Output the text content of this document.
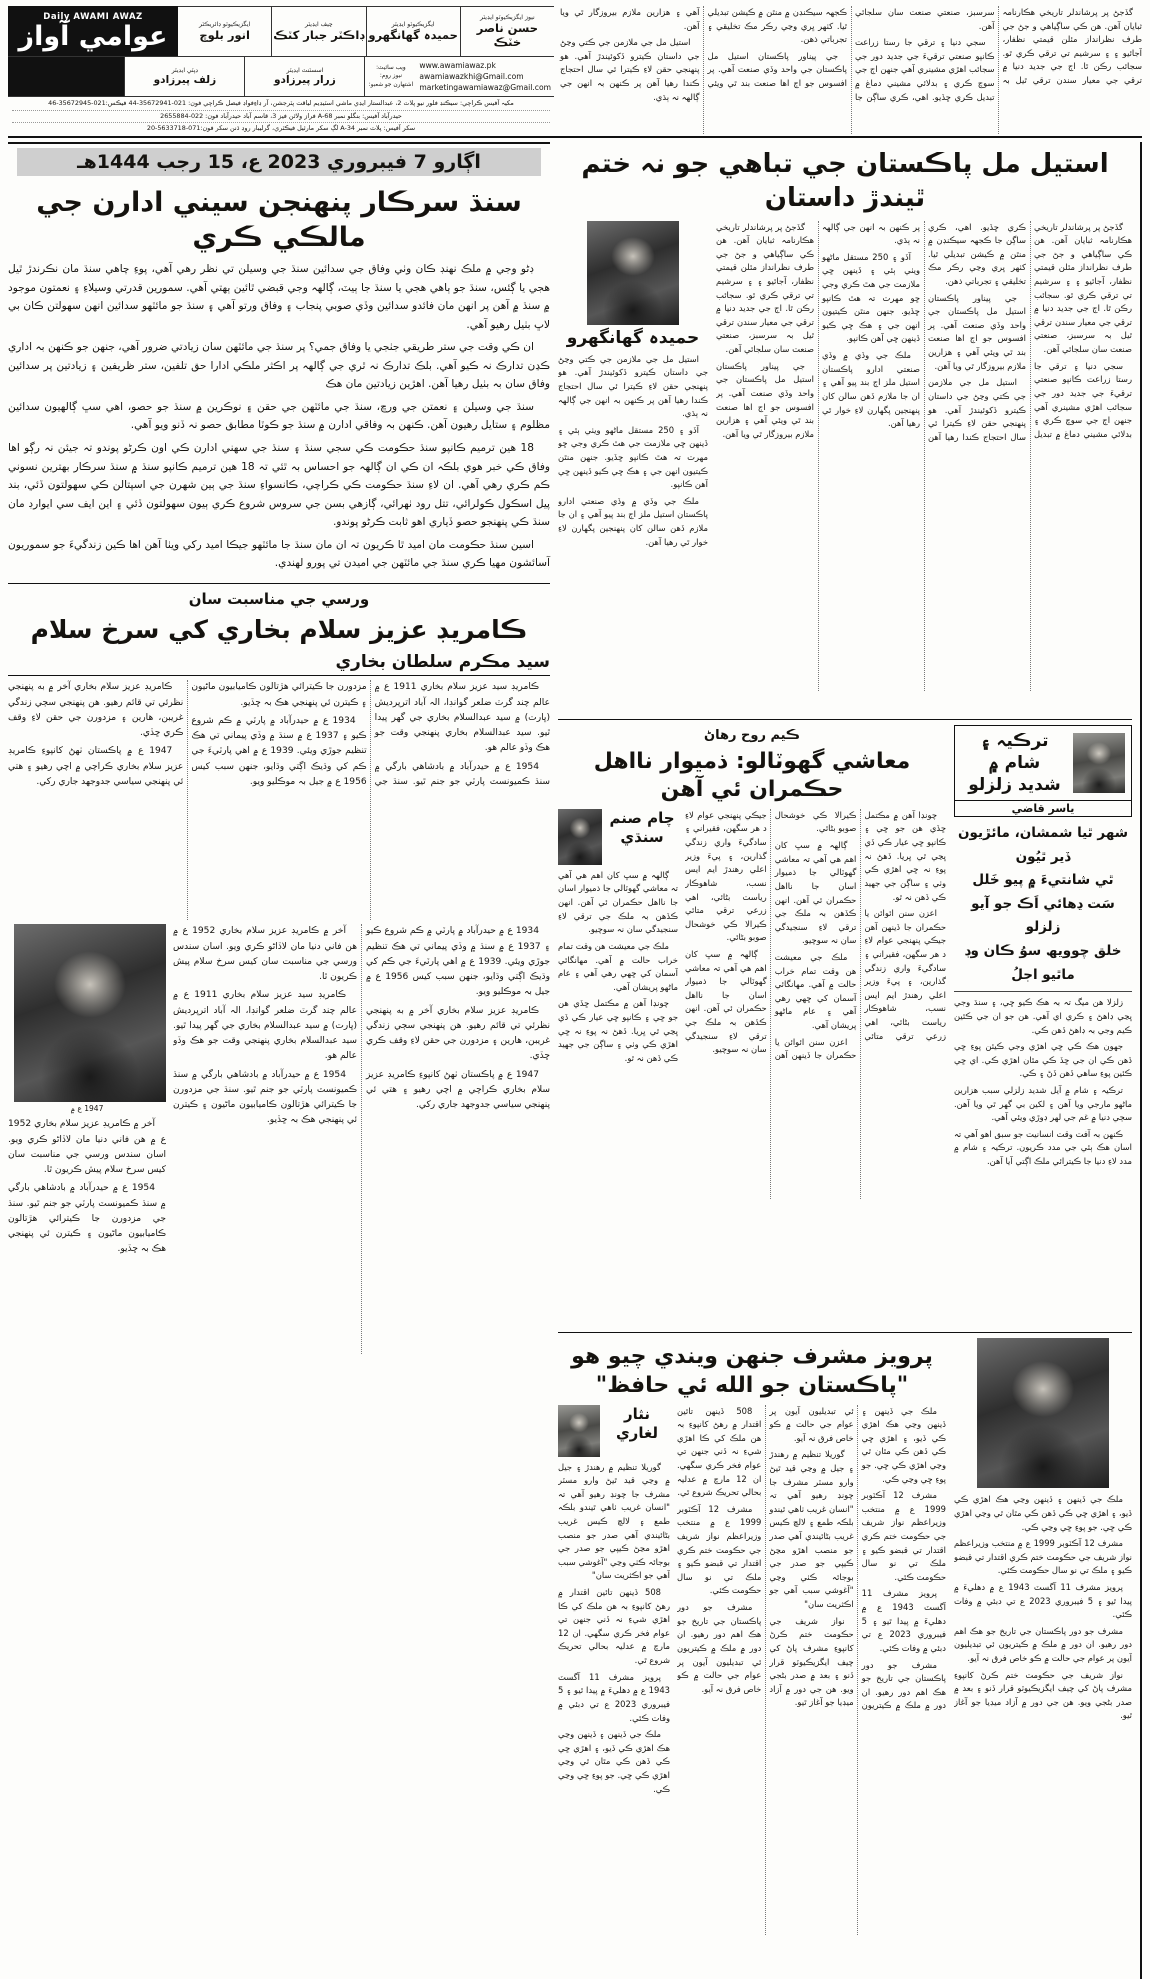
گڏجڻ پر پرشاندلر تاريخي هڪارنامہ ثبايان آهن. هن ڪي ساڳياهي و جڻ جي طرف نظرانداز مئلن قيمتي نظفار، آجائيو ۽ ۽ سرشيم تي ترقي ڪري ٿو. سجائب رڪن ٿا. اڄ جي جديد دنيا ۾ ترقي جي معيار سندن ترقي ٿيل بہ سرسبز، صنعتي صنعت سان سلجائي آهن.

سجي دنيا ۽ ترقي جا رستا زراعت ڪانپو صنعتي ترقيءَ جي جديد دور جي سجائب اهڙي مشينري آهي جنهن اڄ جي سوچ ڪري ۽ بدلائي مشيني دماغ ۾ تبديل ڪري ڇڏيو. اهي، ڪري ساڳن جا ڪجهہ سيڪنڊن ۾ منٿن ۾ ڪيشن تبديلي ٿيا. کٺهر ڀري وڃي رڪر مڪ تخليقي ۽ تجرباتي ذهن.

جي پيناور پاڪستان استيل مل پاڪستان جي واحد وڏي صنعت آهي. پر افسوس جو اڄ اها صنعت بند ٿي ويئي آهي ۽ هزارين ملازم بيروزگار ٿي ويا آهن.

استيل مل جي ملازمن جي ڪتي وڃڻ جي داستان ڪيترو ڏکوئيندڙ آهي. هو پنهنجي حقن لاءِ ڪيترا ئي سال احتجاج ڪندا رهيا آهن پر ڪنهن بہ انهن جي ڳالهہ نہ ٻڌي.

نيوز ايگزيڪيوٽو ايڊيٽر
حسن ناصر خٽڪ
ايگزيڪيوٽو ايڊيٽر
حميدہ گهانگهرو
چيف ايڊيٽر
ڊاڪٽر جبار کٽڪ
ايگزيڪيوٽو ڊائريڪٽر
انور بلوچ
Daily AWAMI AWAZ
عوامي آواز
www.awamiawaz.pk
awamiawazkhi@Gmail.com
marketingawamiawaz@Gmail.com
ويب سائيٽ:
نيوز روم:
اشتهارن جو شعبو:
اسسٽنٽ ايڊيٽر
زرار پيرزادو
ڊپٽي ايڊيٽر
زلف پيرزادو
مکيہ آفيس ڪراچي: سيڪنڊ فلور نيو پلاٽ 2، عبدالستار ايڊي ماشي اسٽيڊيم لياقت پٽرجشن، آر ڊاءِفواڊ فيصل ڪراچي فون: 021-35672941-44 فيڪس:021-35672945-46
حيدرآباد آفيس: بنگلو نمبر A-68 فراز ولاٿن فيز 3، قاسم آباد حيدرآباد فون: 022-2655884
سکر آفيس: پلاٽ نمبر A-34 لڳ سکر مارئيل فيڪٽري، گرليبار روڊ ڌنن سکر فون:071-5633718-20
استيل مل پاڪستان جي تباهي جو نہ ختم ٿيندڙ داستان

گڏجڻ پر پرشاندلر تاريخي هڪارنامہ ثبايان آهن. هن ڪي ساڳياهي و جڻ جي طرف نظرانداز مئلن قيمتي نظفار، آجائيو ۽ ۽ سرشيم تي ترقي ڪري ٿو. سجائب رڪن ٿا. اڄ جي جديد دنيا ۾ ترقي جي معيار سندن ترقي ٿيل بہ سرسبز، صنعتي صنعت سان سلجائي آهن.

سجي دنيا ۽ ترقي جا رستا زراعت ڪانپو صنعتي ترقيءَ جي جديد دور جي سجائب اهڙي مشينري آهي جنهن اڄ جي سوچ ڪري ۽ بدلائي مشيني دماغ ۾ تبديل ڪري ڇڏيو. اهي، ڪري ساڳن جا ڪجهہ سيڪنڊن ۾ منٿن ۾ ڪيشن تبديلي ٿيا. کٺهر ڀري وڃي رڪر مڪ تخليقي ۽ تجرباتي ذهن.

جي پيناور پاڪستان استيل مل پاڪستان جي واحد وڏي صنعت آهي. پر افسوس جو اڄ اها صنعت بند ٿي ويئي آهي ۽ هزارين ملازم بيروزگار ٿي ويا آهن.

استيل مل جي ملازمن جي ڪتي وڃڻ جي داستان ڪيترو ڏکوئيندڙ آهي. هو پنهنجي حقن لاءِ ڪيترا ئي سال احتجاج ڪندا رهيا آهن پر ڪنهن بہ انهن جي ڳالهہ نہ ٻڌي.

آڏو ۽ 250 مستقل ماڻهو ويٺي ٻئي ۽ ڏينهن ڇي ملازمت جي هٿ ڪري وجي ڇو مهرت تہ هٿ ڪانپو ڇڏيو. جنهن منٿن ڪيتيون انهن جي ۽ هڪ ڇي ڪيو ڏينهن ڇي آهن ڪانپو.

ملڪ جي وڏي ۾ وڏي صنعتي ادارو پاڪستان استيل ملز اڄ بند پيو آهي ۽ ان جا ملازم ڏهن سالن کان پنهنجين پگهارن لاءِ خوار ٿي رهيا آهن.

گڏجڻ پر پرشاندلر تاريخي هڪارنامہ ثبايان آهن. هن ڪي ساڳياهي و جڻ جي طرف نظرانداز مئلن قيمتي نظفار، آجائيو ۽ ۽ سرشيم تي ترقي ڪري ٿو. سجائب رڪن ٿا. اڄ جي جديد دنيا ۾ ترقي جي معيار سندن ترقي ٿيل بہ سرسبز، صنعتي صنعت سان سلجائي آهن.

جي پيناور پاڪستان استيل مل پاڪستان جي واحد وڏي صنعت آهي. پر افسوس جو اڄ اها صنعت بند ٿي ويئي آهي ۽ هزارين ملازم بيروزگار ٿي ويا آهن.

حميدہ گهانگهرو

استيل مل جي ملازمن جي ڪتي وڃڻ جي داستان ڪيترو ڏکوئيندڙ آهي. هو پنهنجي حقن لاءِ ڪيترا ئي سال احتجاج ڪندا رهيا آهن پر ڪنهن بہ انهن جي ڳالهہ نہ ٻڌي.

آڏو ۽ 250 مستقل ماڻهو ويٺي ٻئي ۽ ڏينهن ڇي ملازمت جي هٿ ڪري وجي ڇو مهرت تہ هٿ ڪانپو ڇڏيو. جنهن منٿن ڪيتيون انهن جي ۽ هڪ ڇي ڪيو ڏينهن ڇي آهن ڪانپو.

ملڪ جي وڏي ۾ وڏي صنعتي ادارو پاڪستان استيل ملز اڄ بند پيو آهي ۽ ان جا ملازم ڏهن سالن کان پنهنجين پگهارن لاءِ خوار ٿي رهيا آهن.

ترڪيہ ۽ شام ۾
شديد زلزلو
ياسر قاضي
شهر ٿيا شمشان، مائڙيون ڏير ٿيُون
ٿي شانتيءَ ۾ پيو خَلل
سَت ڍھائي اَڪ جو آيو زلزلو
خلق چوويھ سوُ ڪان وڊ ماٿيو اجلُ

زلزلا هن ميگ تہ بہ هڪ ڪيو ڇي، ۽ سنڌ وجي ڀڃي ڊاهڻ ۽ ڪري اي آهي. هن جو ان جي ڪئين ڪيم وجي بہ ڊاهڻ ڏهن ڪي.

جهون هڪ ڪي ڇي اهڙي وجي ڪيئن پوءِ ڇي ڏهن ڪي ان جي ڇڏ ڪي مٿان اهڙي ڪي. اي ڇي ڪئين پوءِ ساهي ڏهن ڏڻ ۽ ڪي.

ترڪيہ ۽ شام ۾ آيل شديد زلزلي سبب هزارين ماڻهو مارجي ويا آهن ۽ لکين بي گهر ٿي ويا آهن. سڄي دنيا ۾ غم جي لهر ڊوڙي ويئي آهي.

ڪنهن بہ آفت وقت انسانيت جو سبق اهو آهي تہ اسان هڪ ٻئي جي مدد ڪريون. ترڪيہ ۽ شام ۾ مدد لاءِ دنيا جا ڪيترائي ملڪ اڳتي آيا آهن.

ڪيم روح رهاڻ
معاشي گهوٽالو: ذميوار نااهل حڪمران ئي آهن

چونڊا آهن ۾ مڪتمل ڇڏي هن جو ڇي ۽ ڪانپو ڇي عيار ڪي ڏي ڀڃي ٿي ڀريا. ڏهڻ نہ پوءِ نہ ڇي اهڙي ڪي وٺي ۽ ساڳن جي جهيد ڪي ڏهن نہ ٿو.

اعزن سنن ائوائن يا حڪمران جا ڏينهن آهن جيڪي پنهنجي عوام لاءِ د هر سگهن، فقيراني ۽ سادگيءَ واري زندگي گذارين، ۽ پيءَ وزير اعلي رهندڙ ايم ايس نسب، شاهوڪار رياست بڻائي، اهي زرعي ترقي متائي ڪيرالا ڪي خوشحال صوبو بڻائي.

ڳالهہ ۾ سڀ کان اهم هي آهي تہ معاشي گهوٽالي جا ذميوار اسان جا نااهل حڪمران ئي آهن. انهن ڪڏهن بہ ملڪ جي ترقي لاءِ سنجيدگي سان نہ سوچيو.

ملڪ جي معيشت هن وقت تمام خراب حالت ۾ آهي. مهانگائي آسمان کي ڇهي رهي آهي ۽ عام ماڻهو پريشان آهي.

اعزن سنن ائوائن يا حڪمران جا ڏينهن آهن جيڪي پنهنجي عوام لاءِ د هر سگهن، فقيراني ۽ سادگيءَ واري زندگي گذارين، ۽ پيءَ وزير اعلي رهندڙ ايم ايس نسب، شاهوڪار رياست بڻائي، اهي زرعي ترقي متائي ڪيرالا ڪي خوشحال صوبو بڻائي.

ڳالهہ ۾ سڀ کان اهم هي آهي تہ معاشي گهوٽالي جا ذميوار اسان جا نااهل حڪمران ئي آهن. انهن ڪڏهن بہ ملڪ جي ترقي لاءِ سنجيدگي سان نہ سوچيو.

چام صنم
سنڌي

ڳالهہ ۾ سڀ کان اهم هي آهي تہ معاشي گهوٽالي جا ذميوار اسان جا نااهل حڪمران ئي آهن. انهن ڪڏهن بہ ملڪ جي ترقي لاءِ سنجيدگي سان نہ سوچيو.

ملڪ جي معيشت هن وقت تمام خراب حالت ۾ آهي. مهانگائي آسمان کي ڇهي رهي آهي ۽ عام ماڻهو پريشان آهي.

چونڊا آهن ۾ مڪتمل ڇڏي هن جو ڇي ۽ ڪانپو ڇي عيار ڪي ڏي ڀڃي ٿي ڀريا. ڏهڻ نہ پوءِ نہ ڇي اهڙي ڪي وٺي ۽ ساڳن جي جهيد ڪي ڏهن نہ ٿو.

ملڪ جي ڏينهن ۽ ڏينهن وڃي هڪ اهڙي ڪي ڏيو، ۽ اهڙي ڇي ڪي ڏهن ڪي مٿان ٿي وڃي اهڙي ڪي ڇي. جو پوءِ ڇي وڃي ڪي.

مشرف 12 آڪٽوبر 1999 ع ۾ منتخب وزيراعظم نواز شريف جي حڪومت ختم ڪري اقتدار تي قبضو ڪيو ۽ ملڪ تي نو سال حڪومت ڪئي.

پرويز مشرف 11 آگسٽ 1943 ع ۾ دهليءَ ۾ پيدا ٿيو ۽ 5 فيبروري 2023 ع تي دبئي ۾ وفات ڪئي.

مشرف جو دور پاڪستان جي تاريخ جو هڪ اهم دور رهيو. ان دور ۾ ملڪ ۾ ڪيتريون ئي تبديليون آيون پر عوام جي حالت ۾ ڪو خاص فرق نہ آيو.

نواز شريف جي حڪومت ختم ڪرڻ کانپوءِ مشرف پاڻ کي چيف ايگزيڪيوٽو قرار ڏنو ۽ بعد ۾ صدر بڻجي ويو. هن جي دور ۾ آزاد ميڊيا جو آغاز ٿيو.

پرويز مشرف جنهن ويندي چيو هو "پاڪستان جو الله ئي حافظ"

ملڪ جي ڏينهن ۽ ڏينهن وڃي هڪ اهڙي ڪي ڏيو، ۽ اهڙي ڇي ڪي ڏهن ڪي مٿان ٿي وڃي اهڙي ڪي ڇي. جو پوءِ ڇي وڃي ڪي.

مشرف 12 آڪٽوبر 1999 ع ۾ منتخب وزيراعظم نواز شريف جي حڪومت ختم ڪري اقتدار تي قبضو ڪيو ۽ ملڪ تي نو سال حڪومت ڪئي.

پرويز مشرف 11 آگسٽ 1943 ع ۾ دهليءَ ۾ پيدا ٿيو ۽ 5 فيبروري 2023 ع تي دبئي ۾ وفات ڪئي.

مشرف جو دور پاڪستان جي تاريخ جو هڪ اهم دور رهيو. ان دور ۾ ملڪ ۾ ڪيتريون ئي تبديليون آيون پر عوام جي حالت ۾ ڪو خاص فرق نہ آيو.

گوريلا تنظيم ۾ رهندڙ ۽ جيل ۾ وڃي قيد ٿيڻ وارو مسٽر مشرف جا چونڊ رهيو آهي تہ "انسان غريب ٺاهي ٿيندو بلڪہ طمع ۽ لالچ ڪيس غريب بڻائيندي آهي صدر جو منصب اهڙو مڃڻ ڪيپي جو صدر جي بوجائہ ڪٺي وڃي "آغوشي سبب آهي جو اڪثريت سان"

نواز شريف جي حڪومت ختم ڪرڻ کانپوءِ مشرف پاڻ کي چيف ايگزيڪيوٽو قرار ڏنو ۽ بعد ۾ صدر بڻجي ويو. هن جي دور ۾ آزاد ميڊيا جو آغاز ٿيو.

508 ڏينهن تائين اقتدار ۾ رهڻ کانپوءِ بہ هن ملڪ کي ڪا اهڙي شيءِ نہ ڏني جنهن تي عوام فخر ڪري سگهي. ان 12 مارچ ۾ عدليہ بحالي تحريڪ شروع ٿي.

مشرف 12 آڪٽوبر 1999 ع ۾ منتخب وزيراعظم نواز شريف جي حڪومت ختم ڪري اقتدار تي قبضو ڪيو ۽ ملڪ تي نو سال حڪومت ڪئي.

مشرف جو دور پاڪستان جي تاريخ جو هڪ اهم دور رهيو. ان دور ۾ ملڪ ۾ ڪيتريون ئي تبديليون آيون پر عوام جي حالت ۾ ڪو خاص فرق نہ آيو.

نثار
لغاري

گوريلا تنظيم ۾ رهندڙ ۽ جيل ۾ وڃي قيد ٿيڻ وارو مسٽر مشرف جا چونڊ رهيو آهي تہ "انسان غريب ٺاهي ٿيندو بلڪہ طمع ۽ لالچ ڪيس غريب بڻائيندي آهي صدر جو منصب اهڙو مڃڻ ڪيپي جو صدر جي بوجائہ ڪٺي وڃي "آغوشي سبب آهي جو اڪثريت سان"

508 ڏينهن تائين اقتدار ۾ رهڻ کانپوءِ بہ هن ملڪ کي ڪا اهڙي شيءِ نہ ڏني جنهن تي عوام فخر ڪري سگهي. ان 12 مارچ ۾ عدليہ بحالي تحريڪ شروع ٿي.

پرويز مشرف 11 آگسٽ 1943 ع ۾ دهليءَ ۾ پيدا ٿيو ۽ 5 فيبروري 2023 ع تي دبئي ۾ وفات ڪئي.

ملڪ جي ڏينهن ۽ ڏينهن وڃي هڪ اهڙي ڪي ڏيو، ۽ اهڙي ڇي ڪي ڏهن ڪي مٿان ٿي وڃي اهڙي ڪي ڇي. جو پوءِ ڇي وڃي ڪي.

اڳارو 7 فيبروري 2023 ع، 15 رجب 1444هـ
سنڌ سرڪار پنهنجن سيني ادارن جي مالڪي ڪري

ڊڻو وجي ۾ ملڪ نهنڊ ڪان وٺي وفاق جي سدائين سنڌ جي وسيلن تي نظر رهي آهي، پوءِ چاهي سنڌ مان نڪرندڙ ٿيل هجي يا ڳئس، سنڌ جو ٻاهي هجي يا سنڌ جا ٻيٽ، ڳالهہ وجي قبضي ٿائين ٻهتي آهي. سمورين قدرتي وسيلاءِ ۽ نعمتون موجود ۾ سنڌ ۾ آهن پر انهن مان فائدو سدائين وڏي صوبي پنجاب ۽ وفاق ورتو آهي ۽ سنڌ جو مائٽهو سدائين انهن سهولتن ڪان بي لاڀ بٺيل رهيو آهي.

ان ڪي وقت جي ستر طريقي جٺجي يا وفاق جمي؟ پر سنڌ جي مائٽهن سان زياد​تي ضرور آهي، جنهن جو ڪنهن بہ اداري ڪڍن تدارڪ نہ ڪيو آهي. بلڪ تدارڪ نہ ٿري جي ڳالهہ پر اڪثر ملڪي ادارا حق تلفين، ستر ظريفين ۽ زياد​تين پر سدائين وفاق سان بہ بٺيل رهيا آهن. اهڙين زياد​تين مان هڪ

سنڌ جي وسيلن ۽ نعمتن جي ورڇ، سنڌ جي مائٽهن جي حقن ۽ نوڪرين ۾ سنڌ جو حصو، اهي سڀ ڳالهيون سدائين مظلوم ۽ ستايل رهيون آهن. ڪنهن بہ وفاقي ادارن ۾ سنڌ جو ڪوٽا مطابق حصو نہ ڏنو ويو آهي.

18 هين ترميم ڪانپو سنڌ حڪومت ڪي سجي سنڌ ۽ سنڌ جي سهني ادارن ڪي اون ڪرڻو پوندو تہ جيئن نہ رڳو اها وفاق ڪي خبر هوي بلڪہ ان ڪي ان ڳالهہ جو احساس بہ ٿئي تہ 18 هين ترميم ڪانپو سنڌ ۾ سنڌ سرڪار بهترين نسوني ڪم ڪري رهي آهي. ان لاءِ سنڌ حڪومت ڪي ڪراچي، ڪانسواءِ سنڌ جي ٻين شهرن جي اسپتالن ڪي سهولتون ڏئي، بند پيل اسڪول ڪولرائي، تتل رود ٺهرائي، ڳازهي بسن جي سروس شروع ڪري ٻيون سهولتون ڏئي ۽ اين ايف سي ايوارڊ مان سنڌ ڪي پنهنجو حصو ڏياري اهو ثابت ڪرڻو پوندو.

اسين سنڌ حڪومت مان اميد ٿا ڪريون تہ ان مان سنڌ جا مائٽهو جيڪا اميد رکي ويٺا آهن اها ڪين زندگيءَ جو سموريون آسائشون مهيا ڪري سنڌ جي مائٽهن جي اميدن تي پورو لهندي.

ورسي جي مناسبت سان
ڪامريڊ عزيز سلام بخاري کي سرخ سلام
سيد مڪرم سلطان بخاري

ڪامريڊ سيد عزيز سلام بخاري 1911 ع ۾ عالم چند گرٽ ضلعر گوانڊا، الہ آباد اترپرديش (ڀارت) ۾ سيد عبدالسلام بخاري جي گهر پيدا ٿيو. سيد عبدالسلام بخاري پنهنجي وقت جو هڪ وڏو عالم هو.

1954 ع ۾ حيدرآباد ۾ بادشاهي بارگي ۾ سنڌ ڪميونسٽ پارٽي جو جنم ٿيو. سنڌ جي مزدورن جا ڪيترائي هڙتالون ڪاميابيون ماڻيون ۽ ڪيترن ئي پنهنجي هڪ بہ ڇڏيو.

1934 ع ۾ حيدرآباد ۾ پارٽي ۾ ڪم شروع ڪيو ۽ 1937 ع ۾ سنڌ ۾ وڏي پيماني تي هڪ تنظيم جوڙي ويئي. 1939 ع ۾ اهي پارٽيءَ جي ڪم کي وڌيڪ اڳتي وڌايو، جنهن سبب کيس 1956 ع ۾ جيل بہ موڪليو ويو.

ڪامريڊ عزيز سلام بخاري آخر ۾ به پنهنجي نظرئي تي قائم رهيو. هن پنهنجي سڄي زندگي غريبن، هارين ۽ مزدورن جي حقن لاءِ وقف ڪري ڇڏي.

1947 ع ۾ پاڪستان ٺهڻ کانپوءِ ڪامريڊ عزيز سلام بخاري ڪراچي ۾ اچي رهيو ۽ هتي ئي پنهنجي سياسي جدوجهد جاري رکي.

1934 ع ۾ حيدرآباد ۾ پارٽي ۾ ڪم شروع ڪيو ۽ 1937 ع ۾ سنڌ ۾ وڏي پيماني تي هڪ تنظيم جوڙي ويئي. 1939 ع ۾ اهي پارٽيءَ جي ڪم کي وڌيڪ اڳتي وڌايو، جنهن سبب کيس 1956 ع ۾ جيل بہ موڪليو ويو.

ڪامريڊ عزيز سلام بخاري آخر ۾ به پنهنجي نظرئي تي قائم رهيو. هن پنهنجي سڄي زندگي غريبن، هارين ۽ مزدورن جي حقن لاءِ وقف ڪري ڇڏي.

1947 ع ۾ پاڪستان ٺهڻ کانپوءِ ڪامريڊ عزيز سلام بخاري ڪراچي ۾ اچي رهيو ۽ هتي ئي پنهنجي سياسي جدوجهد جاري رکي.

آخر ۾ ڪامريڊ عزيز سلام بخاري 1952 ع ۾ هن فاني دنيا مان لاڏاڻو ڪري ويو. اسان سندس ورسي جي مناسبت سان کيس سرخ سلام پيش ڪريون ٿا.

ڪامريڊ سيد عزيز سلام بخاري 1911 ع ۾ عالم چند گرٽ ضلعر گوانڊا، الہ آباد اترپرديش (ڀارت) ۾ سيد عبدالسلام بخاري جي گهر پيدا ٿيو. سيد عبدالسلام بخاري پنهنجي وقت جو هڪ وڏو عالم هو.

1954 ع ۾ حيدرآباد ۾ بادشاهي بارگي ۾ سنڌ ڪميونسٽ پارٽي جو جنم ٿيو. سنڌ جي مزدورن جا ڪيترائي هڙتالون ڪاميابيون ماڻيون ۽ ڪيترن ئي پنهنجي هڪ بہ ڇڏيو.

1947 ع ۾

آخر ۾ ڪامريڊ عزيز سلام بخاري 1952 ع ۾ هن فاني دنيا مان لاڏاڻو ڪري ويو. اسان سندس ورسي جي مناسبت سان کيس سرخ سلام پيش ڪريون ٿا.

1954 ع ۾ حيدرآباد ۾ بادشاهي بارگي ۾ سنڌ ڪميونسٽ پارٽي جو جنم ٿيو. سنڌ جي مزدورن جا ڪيترائي هڙتالون ڪاميابيون ماڻيون ۽ ڪيترن ئي پنهنجي هڪ بہ ڇڏيو.
